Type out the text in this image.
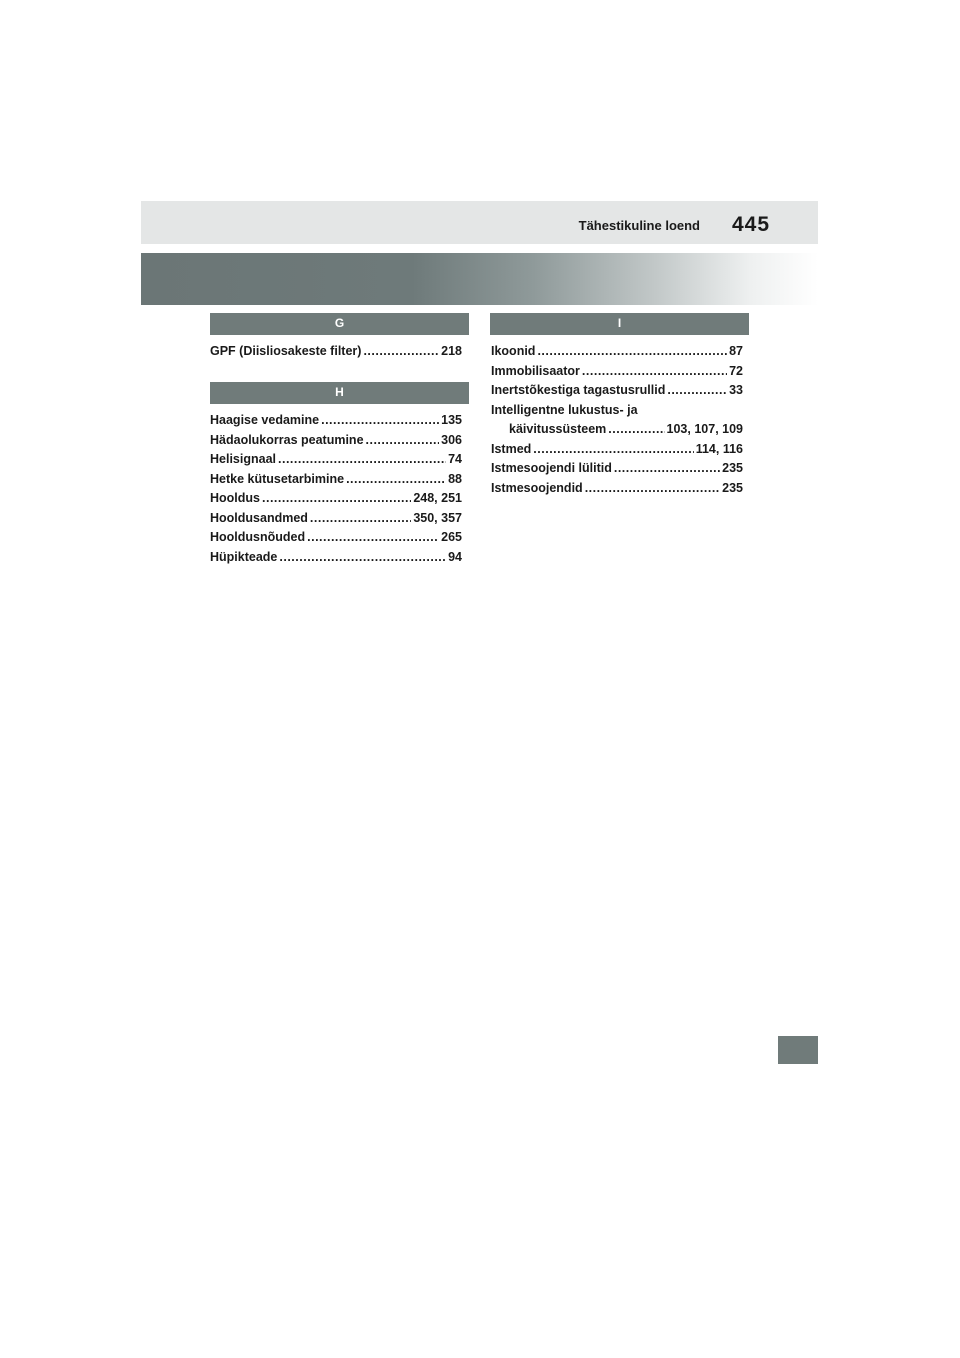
Tähestikuline loend 445
G
GPF (Diisliosakeste filter) .....	218
H
Haagise vedamine .....	135
Hädaolukorras peatumine .....	306
Helisignaal .....	74
Hetke kütusetarbimine .....	88
Hooldus .....	248, 251
Hooldusandmed .....	350, 357
Hooldusnõuded .....	265
Hüpikteade .....	94
I
Ikoonid .....	87
Immobilisaator .....	72
Inertstõkestiga tagastusrullid .....	33
Intelligentne lukustus- ja
käivitussüsteem .....	103, 107, 109
Istmed .....	114, 116
Istmesoojendi lülitid .....	235
Istmesoojendid .....	235
